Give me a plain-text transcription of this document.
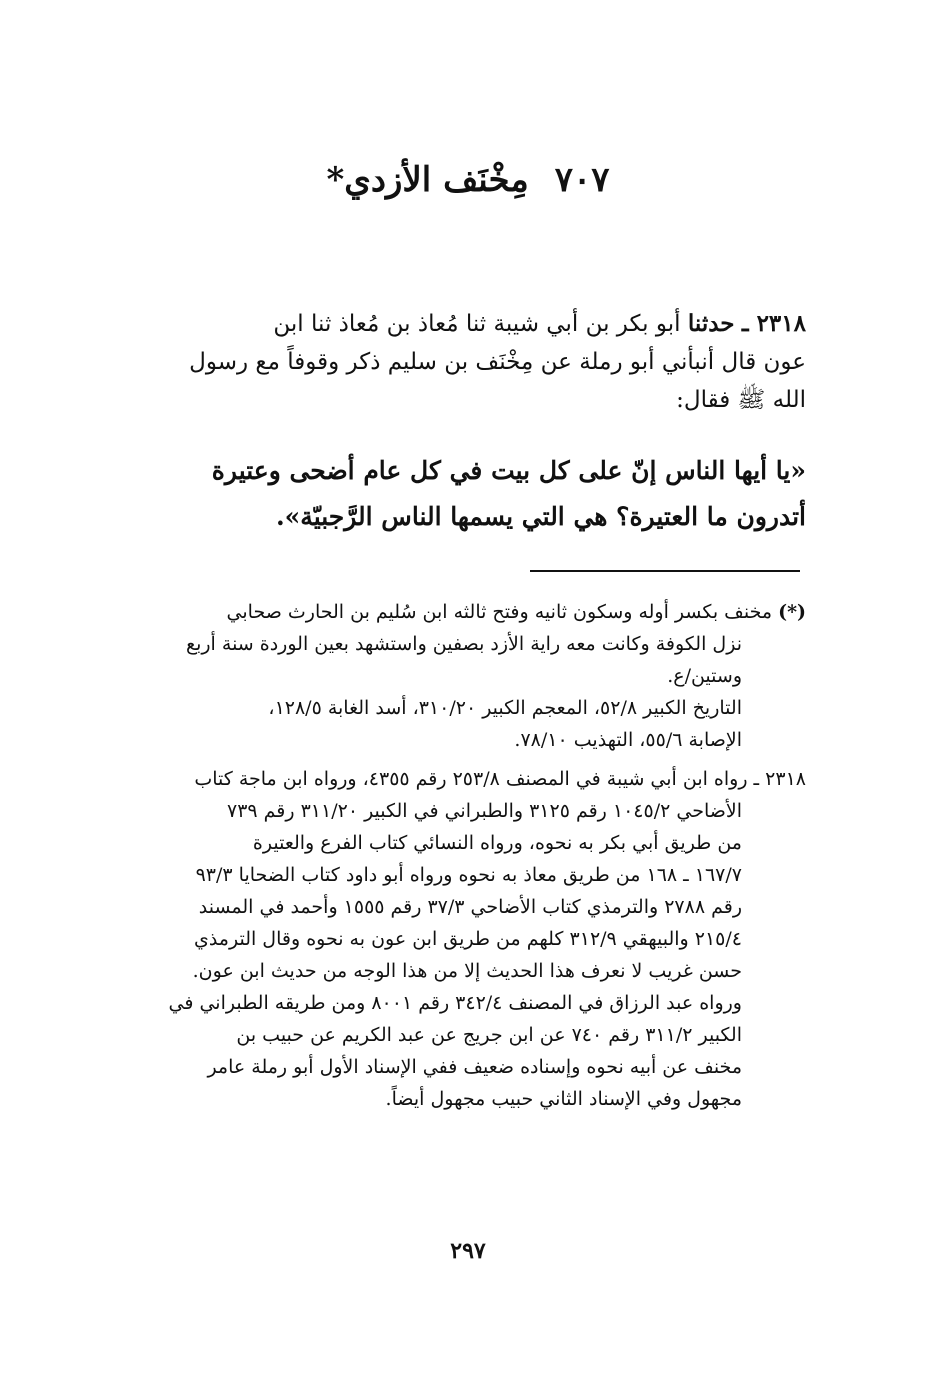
٧٠٧مِخْنَف الأزدي*
٢٣١٨ ـ حدثنا أبو بكر بن أبي شيبة ثنا مُعاذ بن مُعاذ ثنا ابن
عون قال أنبأني أبو رملة عن مِخْنَف بن سليم ذكر وقوفاً مع رسول
الله ﷺ فقال:
«يا أيها الناس إنّ على كل بيت في كل عام أضحى وعتيرة
أتدرون ما العتيرة؟ هي التي يسمها الناس الرَّجبيّة».
(*) مخنف بكسر أوله وسكون ثانيه وفتح ثالثه ابن سُليم بن الحارث صحابي
نزل الكوفة وكانت معه راية الأزد بصفين واستشهد بعين الوردة سنة أربع
وستين/ع.
التاريخ الكبير ٥٢/٨، المعجم الكبير ٣١٠/٢٠، أسد الغابة ١٢٨/٥،
الإصابة ٥٥/٦، التهذيب ٧٨/١٠.
٢٣١٨ ـ رواه ابن أبي شيبة في المصنف ٢٥٣/٨ رقم ٤٣٥٥، ورواه ابن ماجة كتاب
الأضاحي ١٠٤٥/٢ رقم ٣١٢٥ والطبراني في الكبير ٣١١/٢٠ رقم ٧٣٩
من طريق أبي بكر به نحوه، ورواه النسائي كتاب الفرع والعتيرة
١٦٧/٧ ـ ١٦٨ من طريق معاذ به نحوه ورواه أبو داود كتاب الضحايا ٩٣/٣
رقم ٢٧٨٨ والترمذي كتاب الأضاحي ٣٧/٣ رقم ١٥٥٥ وأحمد في المسند
٢١٥/٤ والبيهقي ٣١٢/٩ كلهم من طريق ابن عون به نحوه وقال الترمذي
حسن غريب لا نعرف هذا الحديث إلا من هذا الوجه من حديث ابن عون.
ورواه عبد الرزاق في المصنف ٣٤٢/٤ رقم ٨٠٠١ ومن طريقه الطبراني في
الكبير ٣١١/٢ رقم ٧٤٠ عن ابن جريج عن عبد الكريم عن حبيب بن
مخنف عن أبيه نحوه وإسناده ضعيف ففي الإسناد الأول أبو رملة عامر
مجهول وفي الإسناد الثاني حبيب مجهول أيضاً.
٢٩٧
